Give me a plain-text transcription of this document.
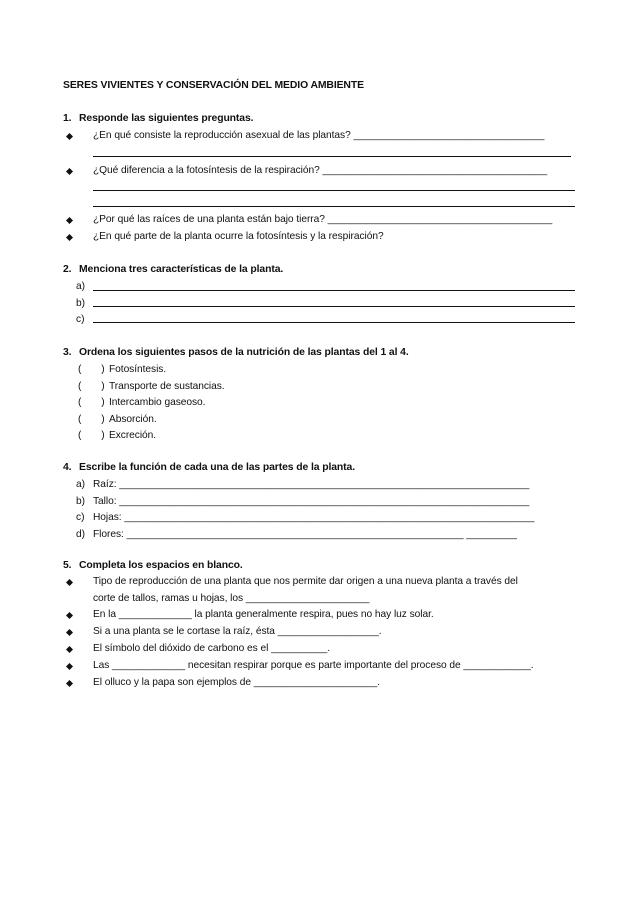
SERES VIVIENTES Y CONSERVACIÓN DEL MEDIO AMBIENTE
1. Responde las siguientes preguntas.
¿En qué consiste la reproducción asexual de las plantas? __________________________________
¿Qué diferencia a la fotosíntesis de la respiración? ________________________________________
¿Por qué las raíces de una planta están bajo tierra? ________________________________________
¿En qué parte de la planta ocurre la fotosíntesis y la respiración?
2. Menciona tres características de la planta.
a)
b)
c)
3. Ordena los siguientes pasos de la nutrición de las plantas del 1 al 4.
(       ) Fotosíntesis.
(       ) Transporte de sustancias.
(       ) Intercambio gaseoso.
(       ) Absorción.
(       ) Excreción.
4. Escribe la función de cada una de las partes de la planta.
a) Raíz: _________________________________________________________________________
b) Tallo: _________________________________________________________________________
c) Hojas: _________________________________________________________________________
d) Flores: ____________________________________________________________ _________
5. Completa los espacios en blanco.
Tipo de reproducción de una planta que nos permite dar origen a una nueva planta a través del
corte de tallos, ramas u hojas, los ______________________
En la _____________ la planta generalmente respira, pues no hay luz solar.
Si a una planta se le cortase la raíz, ésta __________________.
El símbolo del dióxido de carbono es el __________.
Las _____________ necesitan respirar porque es parte importante del proceso de ____________.
El olluco y la papa son ejemplos de ______________________.
